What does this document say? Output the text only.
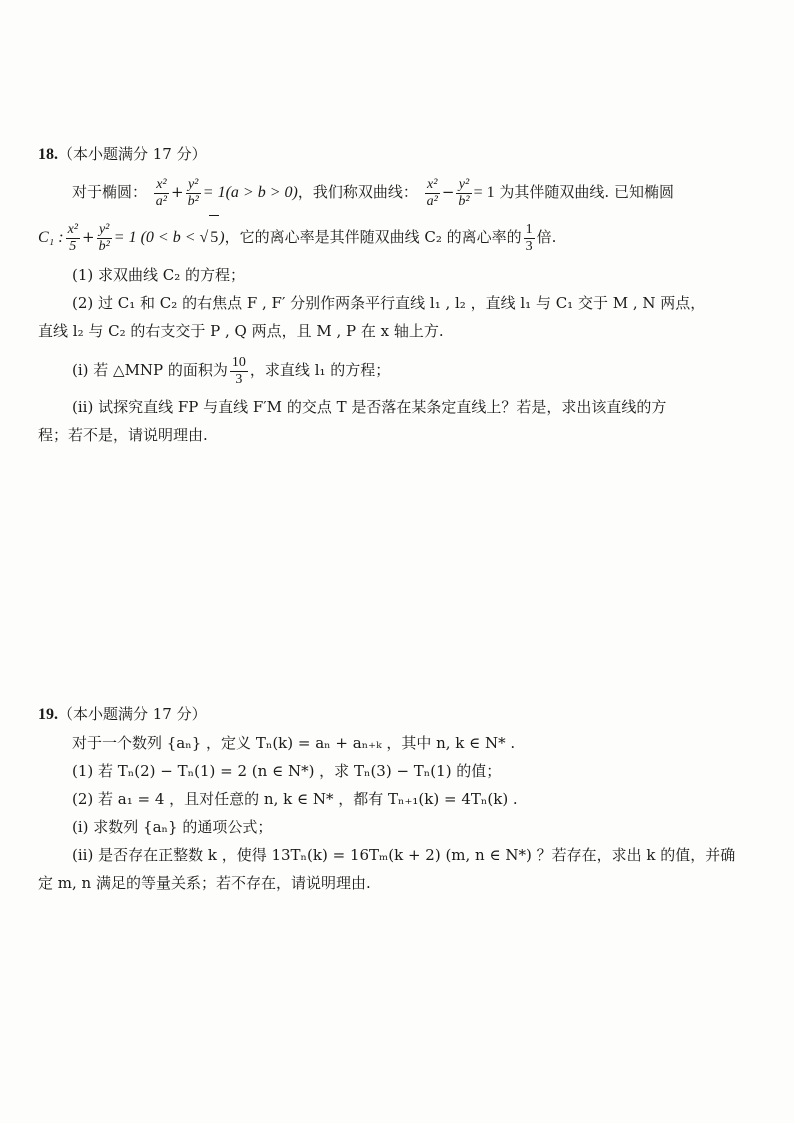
18.（本小题满分 17 分）

对于椭圆： $\frac{\text{x²}}{\text{a²}} + \frac{\text{y²}}{\text{b²}} = 1(a > b > 0)$，我们称双曲线： $\frac{\text{x²}}{\text{a²}} - \frac{\text{y²}}{\text{b²}} = 1$ 为其伴随双曲线. 已知椭圆

C₁ : $\frac{\text{x²}}{5} + \frac{\text{y²}}{\text{b²}} = 1$ (0 < b < √ 5)，它的离心率是其伴随双曲线 C₂ 的离心率的 $\frac{1}{3}$ 倍.

(1) 求双曲线 C₂ 的方程；

(2) 过 C₁ 和 C₂ 的右焦点 F , F′ 分别作两条平行直线 l₁ , l₂ ，直线 l₁ 与 C₁ 交于 M , N 两点，

直线 l₂ 与 C₂ 的右支交于 P , Q 两点，且 M , P 在 x 轴上方.

(i) 若 △MNP 的面积为 $\frac{10}{3}$ ，求直线 l₁ 的方程；

(ii) 试探究直线 FP 与直线 F′M 的交点 T 是否落在某条定直线上？若是，求出该直线的方

程；若不是，请说明理由.

19.（本小题满分 17 分）

对于一个数列 {aₙ} ，定义 Tₙ(k) = aₙ + aₙ₊ₖ ，其中 n, k ∈ N* .

(1) 若 Tₙ(2) − Tₙ(1) = 2 (n ∈ N*) ，求 Tₙ(3) − Tₙ(1) 的值；

(2) 若 a₁ = 4 ，且对任意的 n, k ∈ N* ，都有 Tₙ₊₁(k) = 4Tₙ(k) .

(i) 求数列 {aₙ} 的通项公式；

(ii) 是否存在正整数 k ，使得 13Tₙ(k) = 16Tₘ(k + 2) (m, n ∈ N*) ？若存在，求出 k 的值，并确

定 m, n 满足的等量关系；若不存在，请说明理由.
